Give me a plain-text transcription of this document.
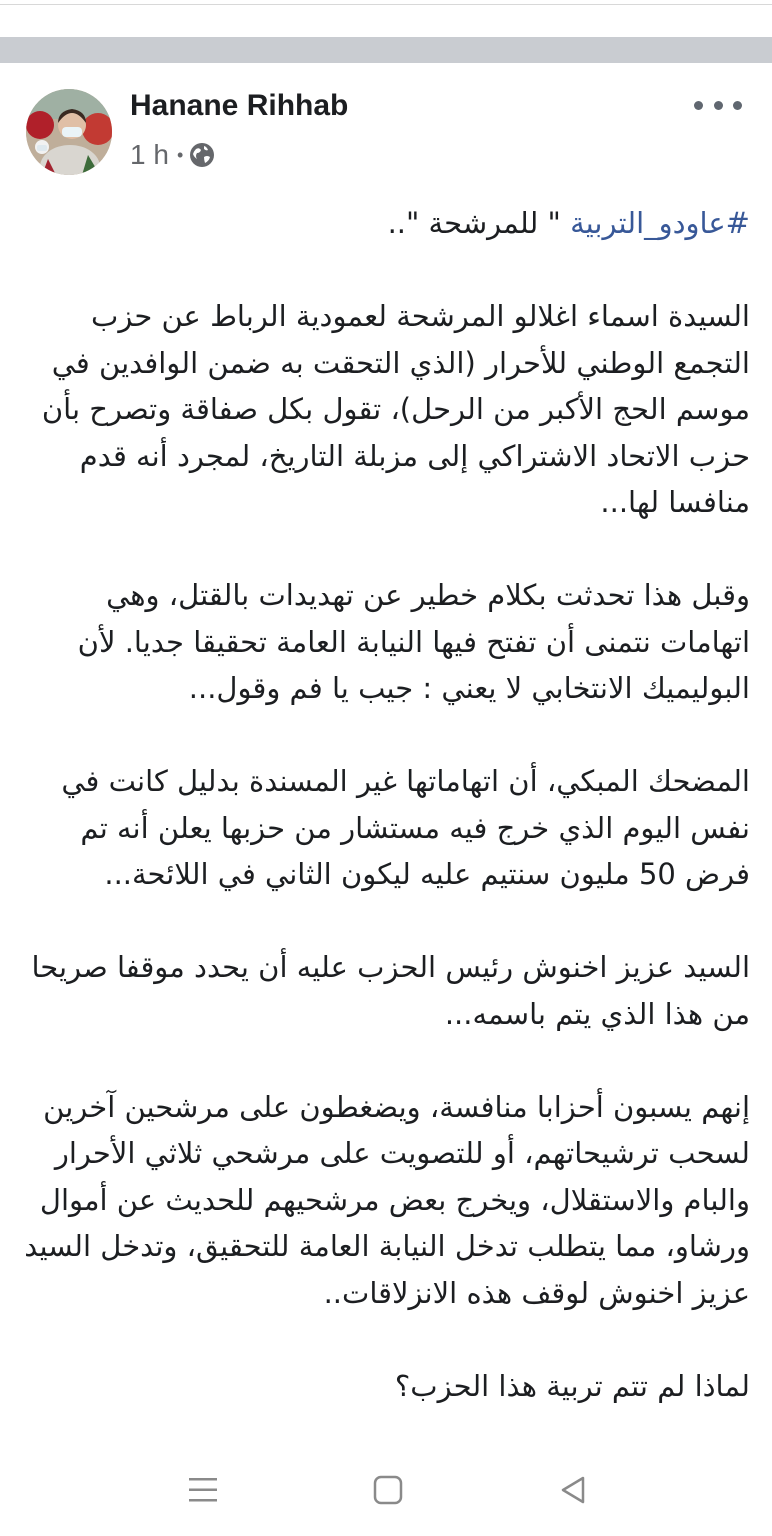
Hanane Rihhab
1 h •

#عاودو_التربية " للمرشحة "..

السيدة اسماء اغلالو المرشحة لعمودية الرباط عن حزب التجمع الوطني للأحرار (الذي التحقت به ضمن الوافدين في موسم الحج الأكبر من الرحل)، تقول بكل صفاقة وتصرح بأن حزب الاتحاد الاشتراكي إلى مزبلة التاريخ، لمجرد أنه قدم منافسا لها...

وقبل هذا تحدثت بكلام خطير عن تهديدات بالقتل، وهي اتهامات نتمنى أن تفتح فيها النيابة العامة تحقيقا جديا. لأن البوليميك الانتخابي لا يعني : جيب يا فم وقول...

المضحك المبكي، أن اتهاماتها غير المسندة بدليل كانت في نفس اليوم الذي خرج فيه مستشار من حزبها يعلن أنه تم فرض 50 مليون سنتيم عليه ليكون الثاني في اللائحة...

السيد عزيز اخنوش رئيس الحزب عليه أن يحدد موقفا صريحا من هذا الذي يتم باسمه...

إنهم يسبون أحزابا منافسة، ويضغطون على مرشحين آخرين لسحب ترشيحاتهم، أو للتصويت على مرشحي ثلاثي الأحرار والبام والاستقلال، ويخرج بعض مرشحيهم للحديث عن أموال ورشاو، مما يتطلب تدخل النيابة العامة للتحقيق، وتدخل السيد عزيز اخنوش لوقف هذه الانزلاقات..

لماذا لم تتم تربية هذا الحزب؟
